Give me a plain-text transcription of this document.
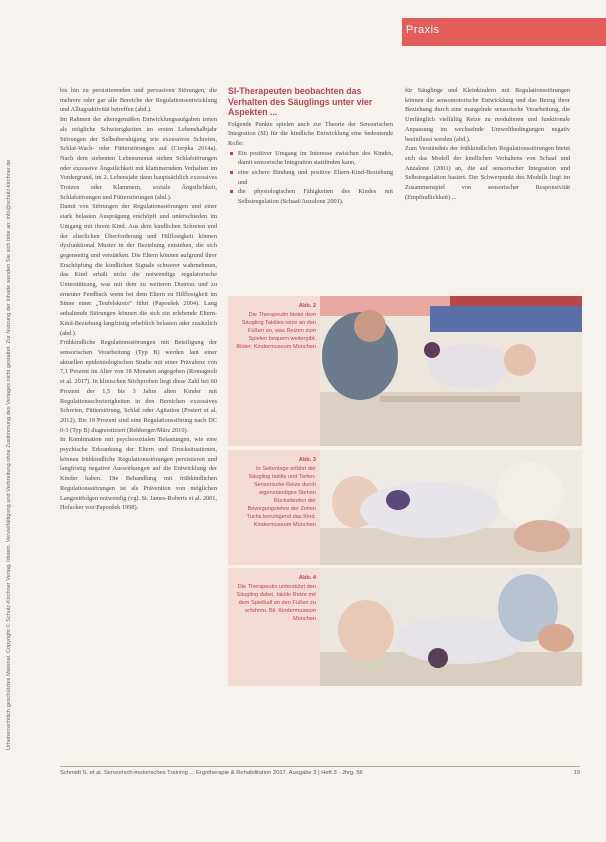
Praxis
Urheberrechtlich geschütztes Material. Copyright © Schulz-Kirchner Verlag, Idstein. Vervielfältigung und Verbreitung ohne Zustimmung des Verlages nicht gestattet. Zur Nutzung der Inhalte wenden Sie sich bitte an: info@schulz-kirchner.de

bis hin zu persistierenden und pervasiven Störungen, die mehrere oder gar alle Bereiche der Regulationsentwicklung und Alltagsaktivität betreffen (abd.).

Im Rahmen der altersgemäßen Entwicklungsaufgaben treten als mögliche Schwierigkeiten im ersten Lebenshalbjahr Störungen der Selbstberuhigung wie exzessives Schreien, Schlaf-Wach- oder Fütterstörungen auf (Cierpka 2014a). Nach dem siebenten Lebensmonat stehen Schlafstörungen oder exzessive Ängstlichkeit mit klammerndem Verhalten im Vordergrund, im 2. Lebensjahr dann hauptsächlich exzessives Trotzen oder Klammern, soziale Ängstlichkeit, Schlafstörungen und Fütterstörungen (abd.).

Damit von Störungen der Regulationsstörungen und einer stark belasten Ausprägung erschöpft und unterschieden im Umgang mit ihrem Kind. Aus dem kindlichen Schreien und der elterlichen Überforderung und Hilflosigkeit können dysfunktional Muster in der Beziehung entstehen, die sich gegenseitig und verstärken. Die Eltern können aufgrund ihrer Erschöpfung die kindlichen Signale schwerer wahrnehmen, das Kind erhält nicht die notwendige regulatorische Unterstützung, was mit dem zu weiteren Distress und zu erneuter Feedback wenn bei dem Eltern zu Hilflosigkeit im Sinne einer „Teufelskreis“ führt (Papoušek 2004). Lang anhaltende Störungen können die sich ein erlebende Eltern-Kind-Beziehung langfristig erheblich belasten oder zusätzlich (abd.).

Frühkindliche Regulationsstörungen mit Beteiligung der sensorischen Verarbeitung (Typ B) werden laut einer aktuellen epidemiologischen Studie mit einer Prävalenz von 7,1 Prozent im Alter von 18 Monaten angegeben (Romagnoli et al. 2017). In klinischen Stichproben liegt diese Zahl bei 60 Prozent der 1,5 bis 3 Jahre alten Kinder mit Regulationsschwierigkeiten in den Bereichen exzessives Schreien, Fütterstörung, Schlaf oder Agitation (Postert et al. 2012). Bis 19 Prozent sind eine Regulationsstörung nach DC 0-3 (Typ B) diagnostiziert (Rehberger/März 2010).

In Kombination mit psychosozialen Belastungen, wie eine psychische Erkrankung der Eltern und Drucksituationen, können frühkindliche Regulationsstörungen persistieren und langfristig negative Auswirkungen auf die Entwicklung der Kinder haben. Die Behandlung mit frühkindlichen Regulationsstörungen ist als Prävention von möglichen Langzeitfolgen notwendig (vgl. St. James-Roberts et al. 2001, Hofacker von/Papoušek 1998).

SI-Therapeuten beobachten das Verhalten des Säuglings unter vier Aspekten ...

Folgende Punkte spielen auch zur Theorie der Sensorischen Integration (SI) für die kindliche Entwicklung eine bedeutende Rolle:

Ein positiver Umgang im Interesse zwischen des Kindes, damit sensorische Integration stattfinden kann,
eine sichere Bindung und positive Eltern-Kind-Beziehung und
die physiologischen Fähigkeiten des Kindes mit Selbstregulation (Schaaf/Anzalone 2001).

für Säuglinge und Kleinkindern mit Regulationsstörungen können die sensomotorische Entwicklung und das Bezug ihrer Beziehung durch eine mangelnde sensorische Verarbeitung, die Umfänglich vielfältig Reize zu modulieren und funktionale Anpassung im wechselnde Umweltbedingungen negativ beeinflusst werden (abd.).

Zum Verständnis der frühkindlichen Regulationsstörungen bietet sich das Modell der kindlichen Verhaltens von Schaaf und Anzalone (2001) an, die auf sensorischer Integration und Selbstregulation basiert. Der Schwerpunkt des Modells liegt im Zusammenspiel von sensorischer Responsivität (Empfindlichkeit) ...

Abb. 2
Die Therapeutin bietet dem Säugling Taktiles reize an den Füßen an, was Reizen zum Spielen bequem weitergibt. Bilder: Kindermuseum München
Abb. 3
In Seitenlage erfährt der Säugling taktile und Tiefen-Sensorische Reize durch eigenständiges Stehen Rückständen der Bewegungslehre der Zeiten Tuchs beruhigend das Kind. Kindermuseum München
Abb. 4
Die Therapeutin unterstützt den Säugling dabei, taktile Reize mit dem Spielball an den Füßen zu erfahren. Bil: Kindermuseum München
Schmidt S. et al. Sensorisch-motorisches Training ... Ergotherapie & Rehabilitation 2017, Ausgabe 3 | Heft 3 · Jhrg. 56	19
